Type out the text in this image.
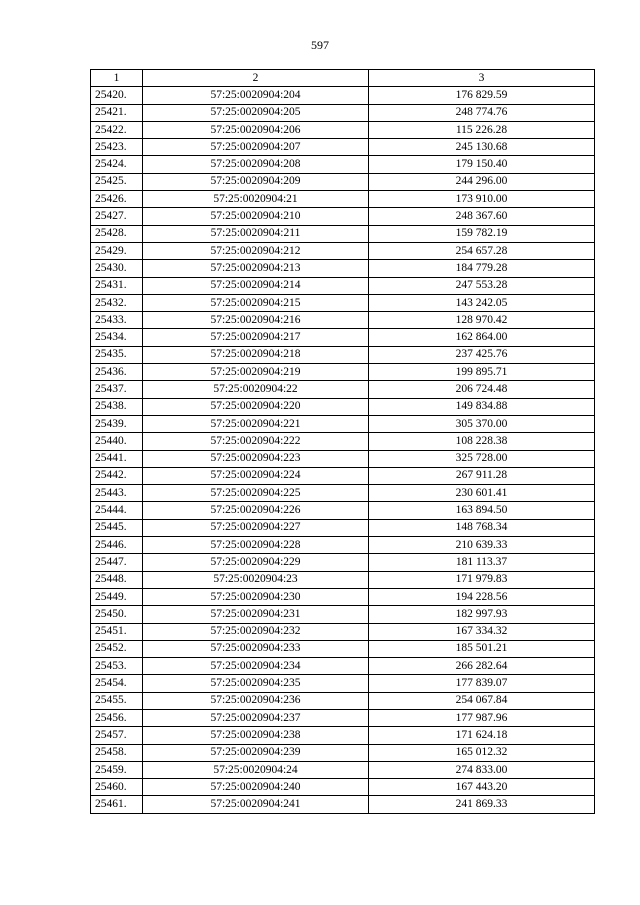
597
1	2	3
25420.	57:25:0020904:204	176 829.59
25421.	57:25:0020904:205	248 774.76
25422.	57:25:0020904:206	115 226.28
25423.	57:25:0020904:207	245 130.68
25424.	57:25:0020904:208	179 150.40
25425.	57:25:0020904:209	244 296.00
25426.	57:25:0020904:21	173 910.00
25427.	57:25:0020904:210	248 367.60
25428.	57:25:0020904:211	159 782.19
25429.	57:25:0020904:212	254 657.28
25430.	57:25:0020904:213	184 779.28
25431.	57:25:0020904:214	247 553.28
25432.	57:25:0020904:215	143 242.05
25433.	57:25:0020904:216	128 970.42
25434.	57:25:0020904:217	162 864.00
25435.	57:25:0020904:218	237 425.76
25436.	57:25:0020904:219	199 895.71
25437.	57:25:0020904:22	206 724.48
25438.	57:25:0020904:220	149 834.88
25439.	57:25:0020904:221	305 370.00
25440.	57:25:0020904:222	108 228.38
25441.	57:25:0020904:223	325 728.00
25442.	57:25:0020904:224	267 911.28
25443.	57:25:0020904:225	230 601.41
25444.	57:25:0020904:226	163 894.50
25445.	57:25:0020904:227	148 768.34
25446.	57:25:0020904:228	210 639.33
25447.	57:25:0020904:229	181 113.37
25448.	57:25:0020904:23	171 979.83
25449.	57:25:0020904:230	194 228.56
25450.	57:25:0020904:231	182 997.93
25451.	57:25:0020904:232	167 334.32
25452.	57:25:0020904:233	185 501.21
25453.	57:25:0020904:234	266 282.64
25454.	57:25:0020904:235	177 839.07
25455.	57:25:0020904:236	254 067.84
25456.	57:25:0020904:237	177 987.96
25457.	57:25:0020904:238	171 624.18
25458.	57:25:0020904:239	165 012.32
25459.	57:25:0020904:24	274 833.00
25460.	57:25:0020904:240	167 443.20
25461.	57:25:0020904:241	241 869.33
